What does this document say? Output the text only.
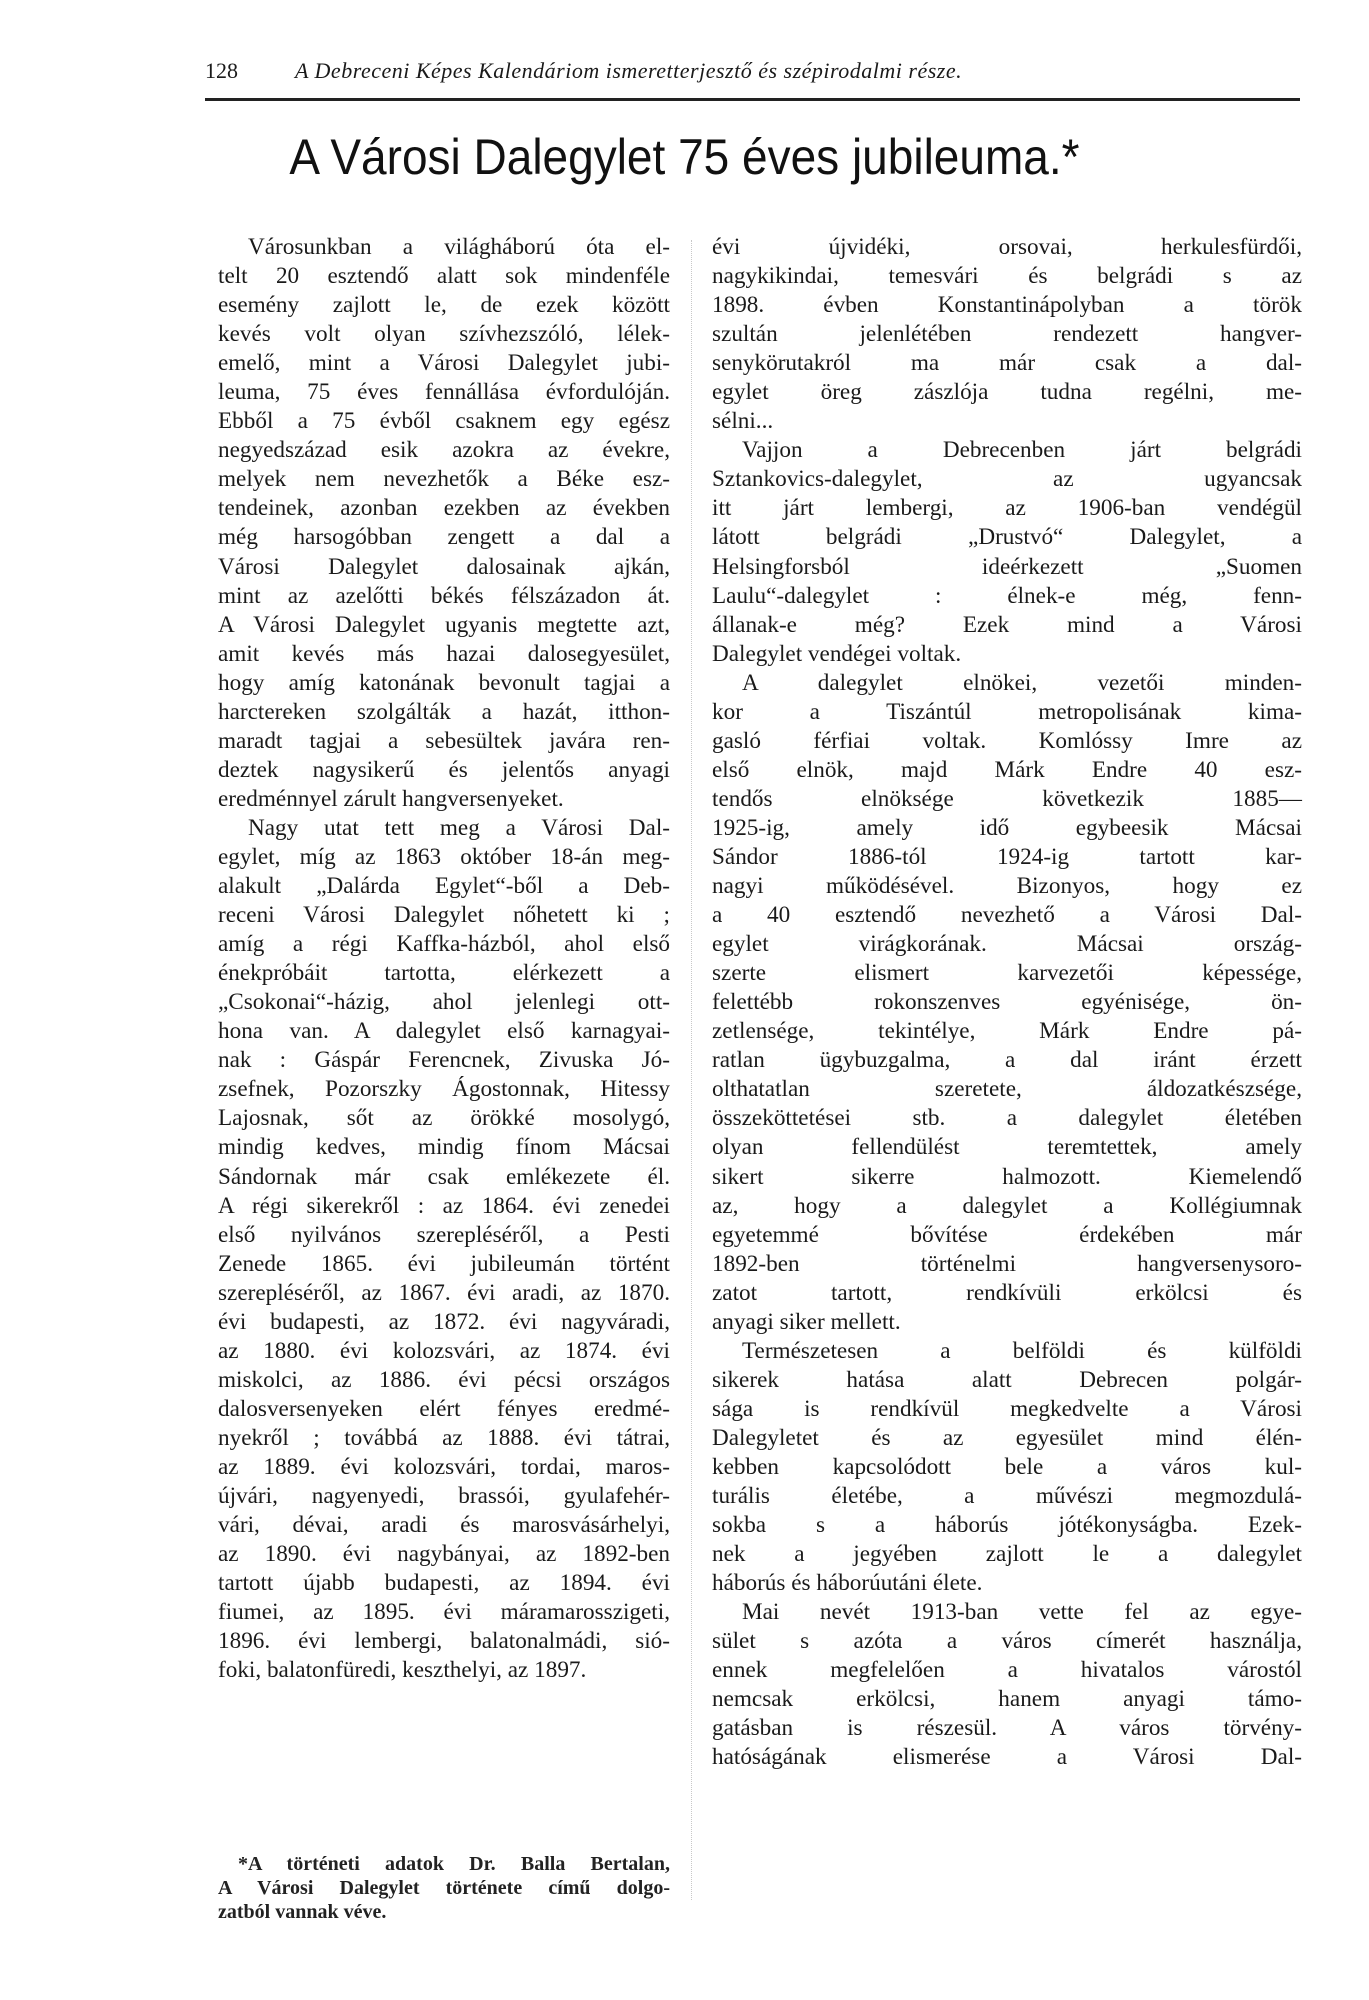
128	A Debreceni Képes Kalendáriom ismeretterjesztő és szépirodalmi része.
A Városi Dalegylet 75 éves jubileuma.*
Városunkban a világháború óta el-
telt 20 esztendő alatt sok mindenféle
esemény zajlott le, de ezek között
kevés volt olyan szívhezszóló, lélek-
emelő, mint a Városi Dalegylet jubi-
leuma, 75 éves fennállása évfordulóján.
Ebből a 75 évből csaknem egy egész
negyedszázad esik azokra az évekre,
melyek nem nevezhetők a Béke esz-
tendeinek, azonban ezekben az években
még harsogóbban zengett a dal a
Városi Dalegylet dalosainak ajkán,
mint az azelőtti békés félszázadon át.
A Városi Dalegylet ugyanis megtette azt,
amit kevés más hazai dalosegyesület,
hogy amíg katonának bevonult tagjai a
harctereken szolgálták a hazát, itthon-
maradt tagjai a sebesültek javára ren-
deztek nagysikerű és jelentős anyagi
eredménnyel zárult hangversenyeket.
Nagy utat tett meg a Városi Dal-
egylet, míg az 1863 október 18-án meg-
alakult „Dalárda Egylet“-ből a Deb-
receni Városi Dalegylet nőhetett ki ;
amíg a régi Kaffka-házból, ahol első
énekpróbáit tartotta, elérkezett a
„Csokonai“-házig, ahol jelenlegi ott-
hona van. A dalegylet első karnagyai-
nak : Gáspár Ferencnek, Zivuska Jó-
zsefnek, Pozorszky Ágostonnak, Hitessy
Lajosnak, sőt az örökké mosolygó,
mindig kedves, mindig fínom Mácsai
Sándornak már csak emlékezete él.
A régi sikerekről : az 1864. évi zenedei
első nyilvános szerepléséről, a Pesti
Zenede 1865. évi jubileumán történt
szerepléséről, az 1867. évi aradi, az 1870.
évi budapesti, az 1872. évi nagyváradi,
az 1880. évi kolozsvári, az 1874. évi
miskolci, az 1886. évi pécsi országos
dalosversenyeken elért fényes eredmé-
nyekről ; továbbá az 1888. évi tátrai,
az 1889. évi kolozsvári, tordai, maros-
újvári, nagyenyedi, brassói, gyulafehér-
vári, dévai, aradi és marosvásárhelyi,
az 1890. évi nagybányai, az 1892-ben
tartott újabb budapesti, az 1894. évi
fiumei, az 1895. évi máramarosszigeti,
1896. évi lembergi, balatonalmádi, sió-
foki, balatonfüredi, keszthelyi, az 1897.
évi újvidéki, orsovai, herkulesfürdői,
nagykikindai, temesvári és belgrádi s az
1898. évben Konstantinápolyban a török
szultán jelenlétében rendezett hangver-
senykörutakról ma már csak a dal-
egylet öreg zászlója tudna regélni, me-
sélni...
Vajjon a Debrecenben járt belgrádi
Sztankovics-dalegylet, az ugyancsak
itt járt lembergi, az 1906-ban vendégül
látott belgrádi „Drustvó“ Dalegylet, a
Helsingforsból ideérkezett „Suomen
Laulu“-dalegylet : élnek-e még, fenn-
állanak-e még? Ezek mind a Városi
Dalegylet vendégei voltak.
A dalegylet elnökei, vezetői minden-
kor a Tiszántúl metropolisának kima-
gasló férfiai voltak. Komlóssy Imre az
első elnök, majd Márk Endre 40 esz-
tendős elnöksége következik 1885—
1925-ig, amely idő egybeesik Mácsai
Sándor 1886-tól 1924-ig tartott kar-
nagyi működésével. Bizonyos, hogy ez
a 40 esztendő nevezhető a Városi Dal-
egylet virágkorának. Mácsai ország-
szerte elismert karvezetői képessége,
felettébb rokonszenves egyénisége, ön-
zetlensége, tekintélye, Márk Endre pá-
ratlan ügybuzgalma, a dal iránt érzett
olthatatlan szeretete, áldozatkészsége,
összeköttetései stb. a dalegylet életében
olyan fellendülést teremtettek, amely
sikert sikerre halmozott. Kiemelendő
az, hogy a dalegylet a Kollégiumnak
egyetemmé bővítése érdekében már
1892-ben történelmi hangversenysoro-
zatot tartott, rendkívüli erkölcsi és
anyagi siker mellett.
Természetesen a belföldi és külföldi
sikerek hatása alatt Debrecen polgár-
sága is rendkívül megkedvelte a Városi
Dalegyletet és az egyesület mind élén-
kebben kapcsolódott bele a város kul-
turális életébe, a művészi megmozdulá-
sokba s a háborús jótékonyságba. Ezek-
nek a jegyében zajlott le a dalegylet
háborús és háborúutáni élete.
Mai nevét 1913-ban vette fel az egye-
sület s azóta a város címerét használja,
ennek megfelelően a hivatalos várostól
nemcsak erkölcsi, hanem anyagi támo-
gatásban is részesül. A város törvény-
hatóságának elismerése a Városi Dal-
*A történeti adatok Dr. Balla Bertalan,
A Városi Dalegylet története című dolgo-
zatból vannak véve.
